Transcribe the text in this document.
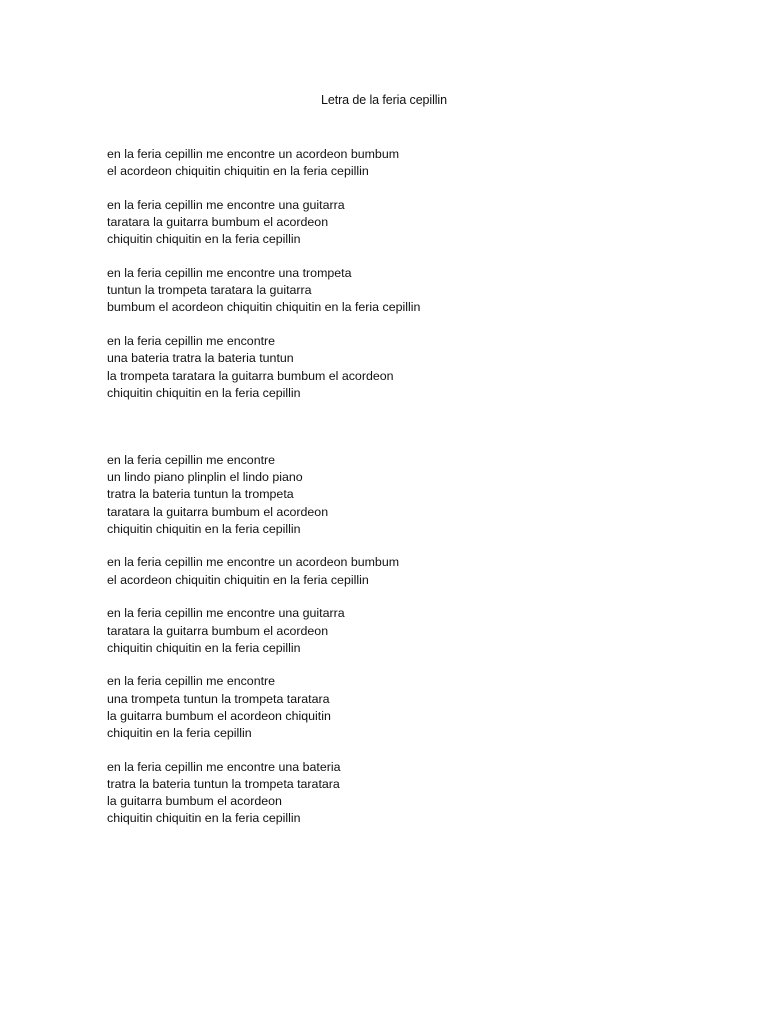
Letra de la feria cepillin
en la feria cepillin me encontre un acordeon bumbum
el acordeon chiquitin chiquitin en la feria cepillin
en la feria cepillin me encontre una guitarra
taratara la guitarra bumbum el acordeon
chiquitin chiquitin en la feria cepillin
en la feria cepillin me encontre una trompeta
tuntun la trompeta taratara la guitarra
bumbum el acordeon chiquitin chiquitin en la feria cepillin
en la feria cepillin me encontre
una bateria tratra la bateria tuntun
la trompeta taratara la guitarra bumbum el acordeon
chiquitin chiquitin en la feria cepillin
en la feria cepillin me encontre
un lindo piano plinplin el lindo piano
tratra la bateria tuntun la trompeta
taratara la guitarra bumbum el acordeon
chiquitin chiquitin en la feria cepillin
en la feria cepillin me encontre un acordeon bumbum
el acordeon chiquitin chiquitin en la feria cepillin
en la feria cepillin me encontre una guitarra
taratara la guitarra bumbum el acordeon
chiquitin chiquitin en la feria cepillin
en la feria cepillin me encontre
una trompeta tuntun la trompeta taratara
la guitarra bumbum el acordeon chiquitin
chiquitin en la feria cepillin
en la feria cepillin me encontre una bateria
tratra la bateria tuntun la trompeta taratara
la guitarra bumbum el acordeon
chiquitin chiquitin en la feria cepillin
